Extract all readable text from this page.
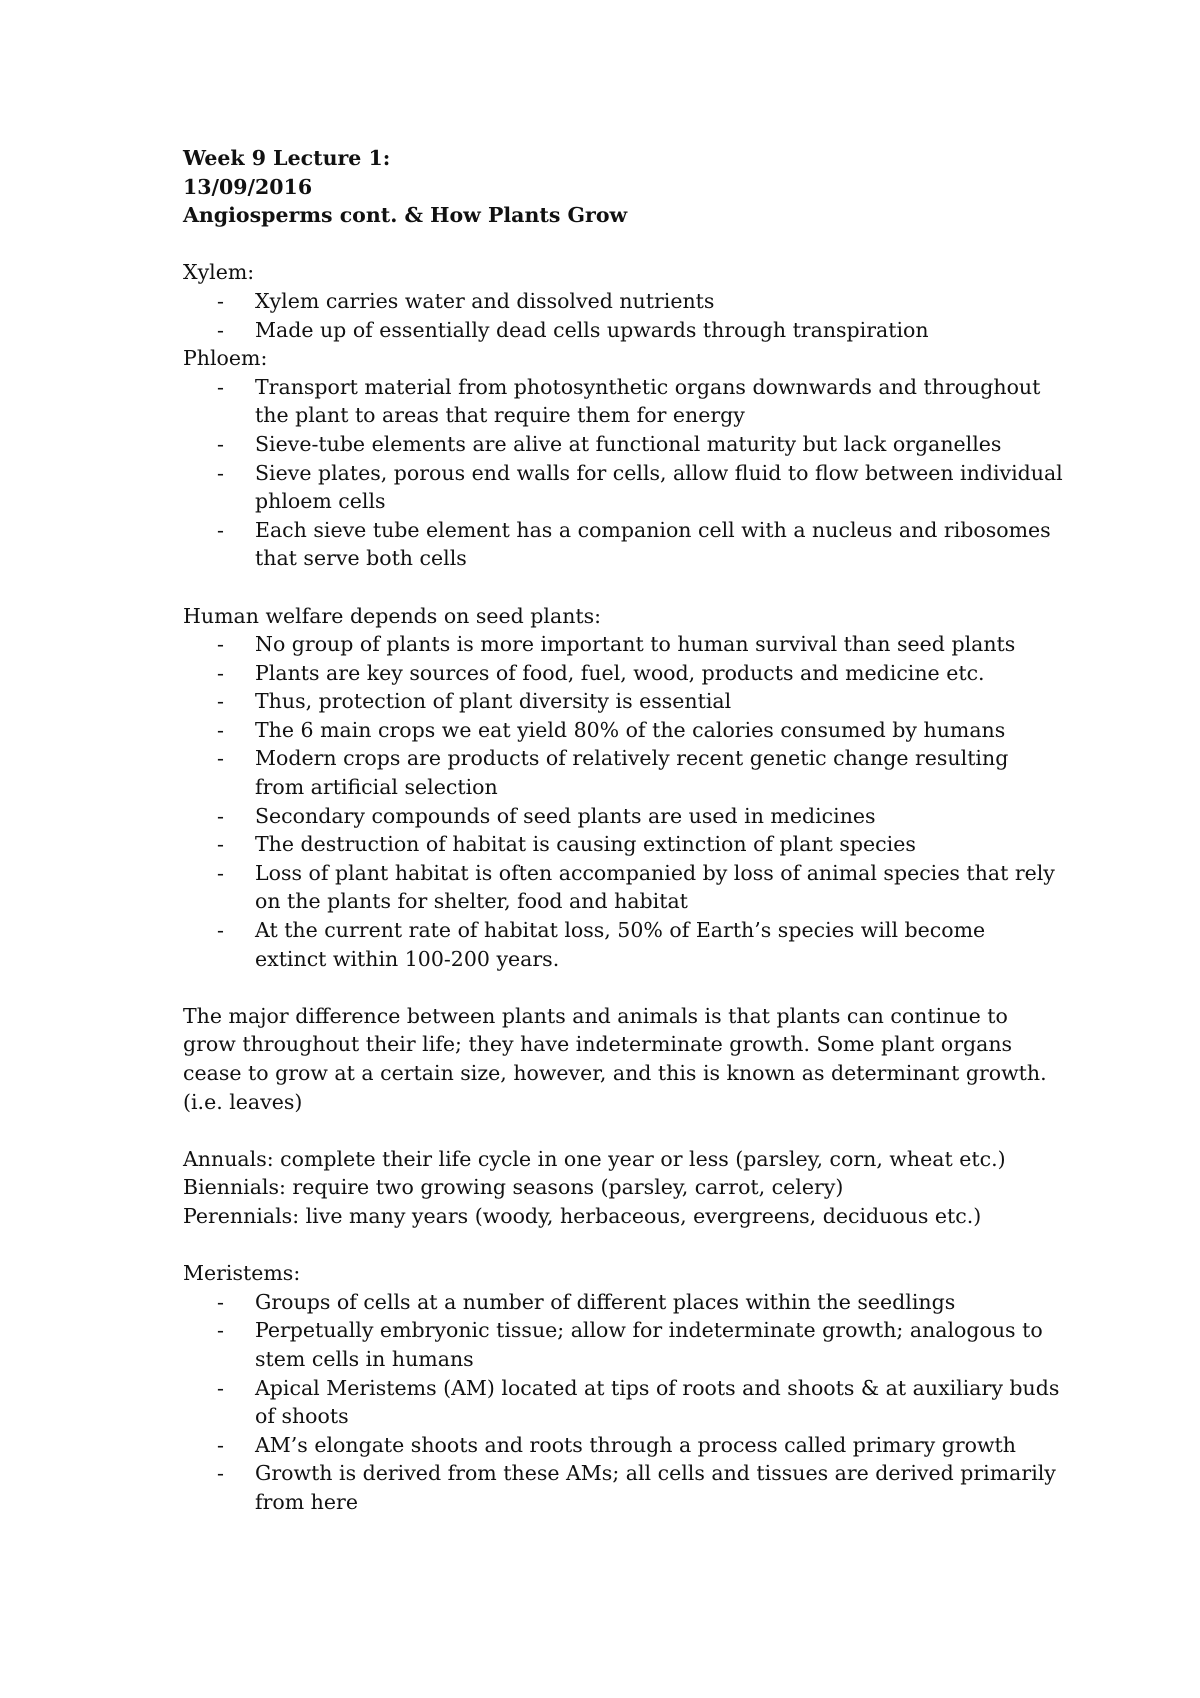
Week 9 Lecture 1:

13/09/2016

Angiosperms cont. & How Plants Grow

Xylem:

- Xylem carries water and dissolved nutrients
- Made up of essentially dead cells upwards through transpiration

Phloem:

- Transport material from photosynthetic organs downwards and throughout the plant to areas that require them for energy
- Sieve-tube elements are alive at functional maturity but lack organelles
- Sieve plates, porous end walls for cells, allow fluid to flow between individual phloem cells
- Each sieve tube element has a companion cell with a nucleus and ribosomes that serve both cells

Human welfare depends on seed plants:

- No group of plants is more important to human survival than seed plants
- Plants are key sources of food, fuel, wood, products and medicine etc.
- Thus, protection of plant diversity is essential
- The 6 main crops we eat yield 80% of the calories consumed by humans
- Modern crops are products of relatively recent genetic change resulting from artificial selection
- Secondary compounds of seed plants are used in medicines
- The destruction of habitat is causing extinction of plant species
- Loss of plant habitat is often accompanied by loss of animal species that rely on the plants for shelter, food and habitat
- At the current rate of habitat loss, 50% of Earth’s species will become extinct within 100-200 years.

The major difference between plants and animals is that plants can continue to grow throughout their life; they have indeterminate growth. Some plant organs cease to grow at a certain size, however, and this is known as determinant growth. (i.e. leaves)

Annuals: complete their life cycle in one year or less (parsley, corn, wheat etc.)

Biennials: require two growing seasons (parsley, carrot, celery)

Perennials: live many years (woody, herbaceous, evergreens, deciduous etc.)

Meristems:

- Groups of cells at a number of different places within the seedlings
- Perpetually embryonic tissue; allow for indeterminate growth; analogous to stem cells in humans
- Apical Meristems (AM) located at tips of roots and shoots & at auxiliary buds of shoots
- AM’s elongate shoots and roots through a process called primary growth
- Growth is derived from these AMs; all cells and tissues are derived primarily from here
